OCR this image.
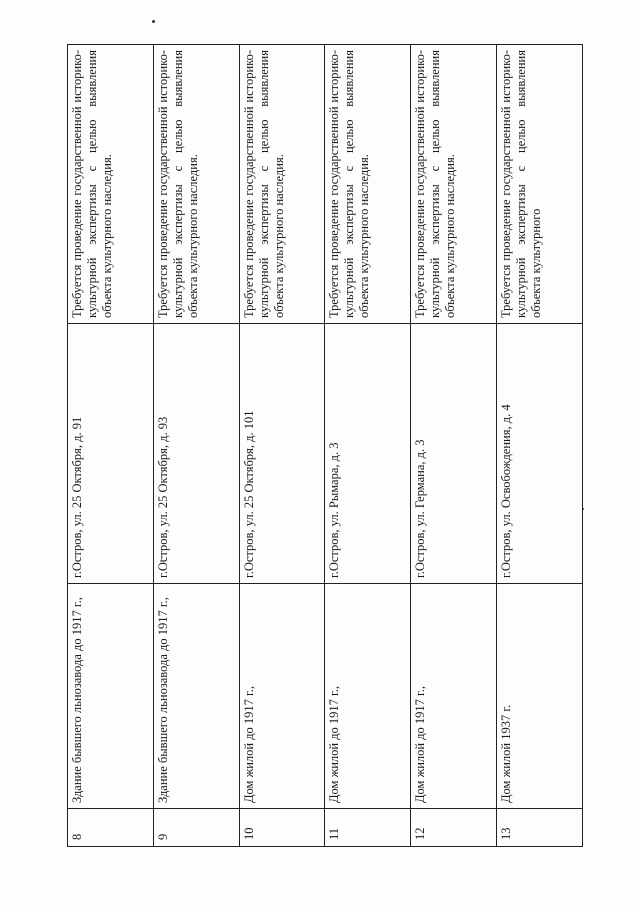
8	Здание бывшего льнозавода до 1917 г.,	г.Остров, ул. 25 Октября, д. 91	Требуется проведение государственной историко-культурной экспертизы с целью выявления объекта культурного наследия.
9	Здание бывшего льнозавода до 1917 г.,	г.Остров, ул. 25 Октября, д. 93	Требуется проведение государственной историко-культурной экспертизы с целью выявления объекта культурного наследия.
10	Дом жилой до 1917 г.,	г.Остров, ул. 25 Октября, д. 101	Требуется проведение государственной историко-культурной экспертизы с целью выявления объекта культурного наследия.
11	Дом жилой до 1917 г.,	г.Остров, ул. Рымара, д. 3	Требуется проведение государственной историко-культурной экспертизы с целью выявления объекта культурного наследия.
12	Дом жилой до 1917 г.,	г.Остров, ул. Германа, д. 3	Требуется проведение государственной историко-культурной экспертизы с целью выявления объекта культурного наследия.
13	Дом жилой 1937 г.	г.Остров, ул. Освобождения, д. 4	Требуется проведение государственной историко-культурной экспертизы с целью выявления объекта культурного
